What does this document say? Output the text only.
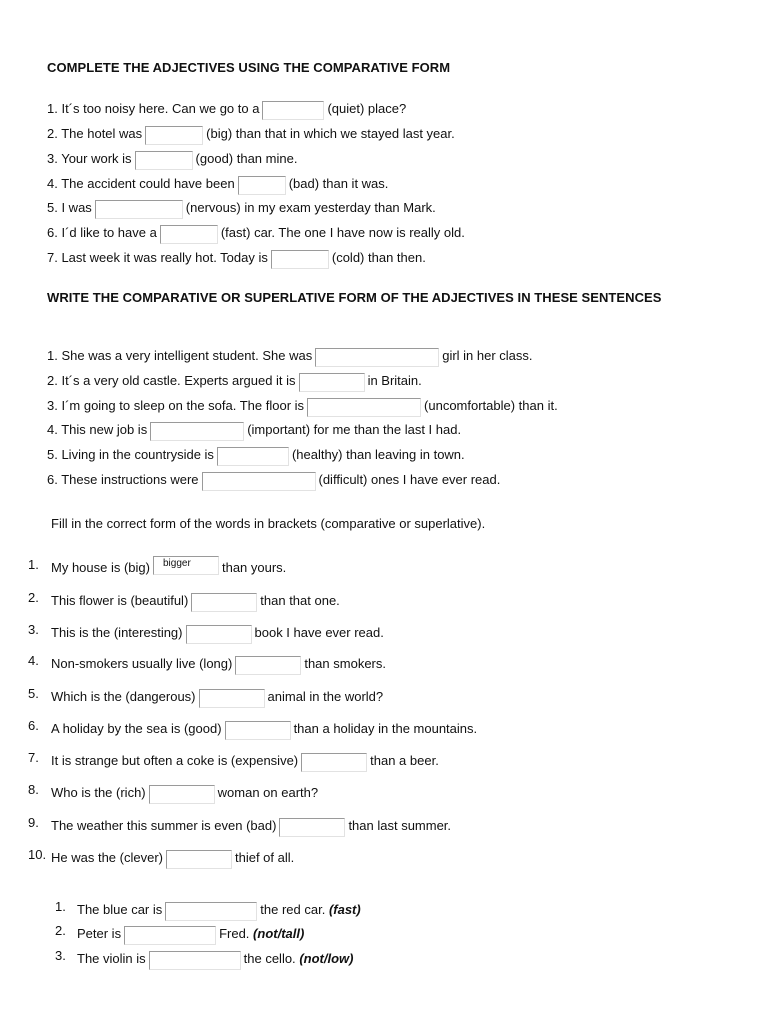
COMPLETE THE ADJECTIVES USING THE COMPARATIVE FORM
1. It´s too noisy here. Can we go to a	(quiet) place?
2. The hotel was	(big) than that in which we stayed last year.
3. Your work is	(good) than mine.
4. The accident could have been	(bad) than it was.
5. I was	(nervous) in my exam yesterday than Mark.
6. I´d like to have a	(fast) car. The one I have now is really old.
7. Last week it was really hot. Today is	(cold) than then.
WRITE THE COMPARATIVE OR SUPERLATIVE FORM OF THE ADJECTIVES IN THESE SENTENCES
1. She was a very intelligent student. She was	girl in her class.
2. It´s a very old castle. Experts argued it is	in Britain.
3. I´m going to sleep on the sofa. The floor is	(uncomfortable) than it.
4. This new job is	(important) for me than the last I had.
5. Living in the countryside is	(healthy) than leaving in town.
6. These instructions were	(difficult) ones I have ever read.
Fill in the correct form of the words in brackets (comparative or superlative).
1. My house is (big) bigger than yours.
2. This flower is (beautiful)	than that one.
3. This is the (interesting)	book I have ever read.
4. Non-smokers usually live (long)	than smokers.
5. Which is the (dangerous)	animal in the world?
6. A holiday by the sea is (good)	than a holiday in the mountains.
7. It is strange but often a coke is (expensive)	than a beer.
8. Who is the (rich)	woman on earth?
9. The weather this summer is even (bad)	than last summer.
10. He was the (clever)	thief of all.
1. The blue car is	the red car. (fast)
2. Peter is	Fred. (not/tall)
3. The violin is	the cello. (not/low)
